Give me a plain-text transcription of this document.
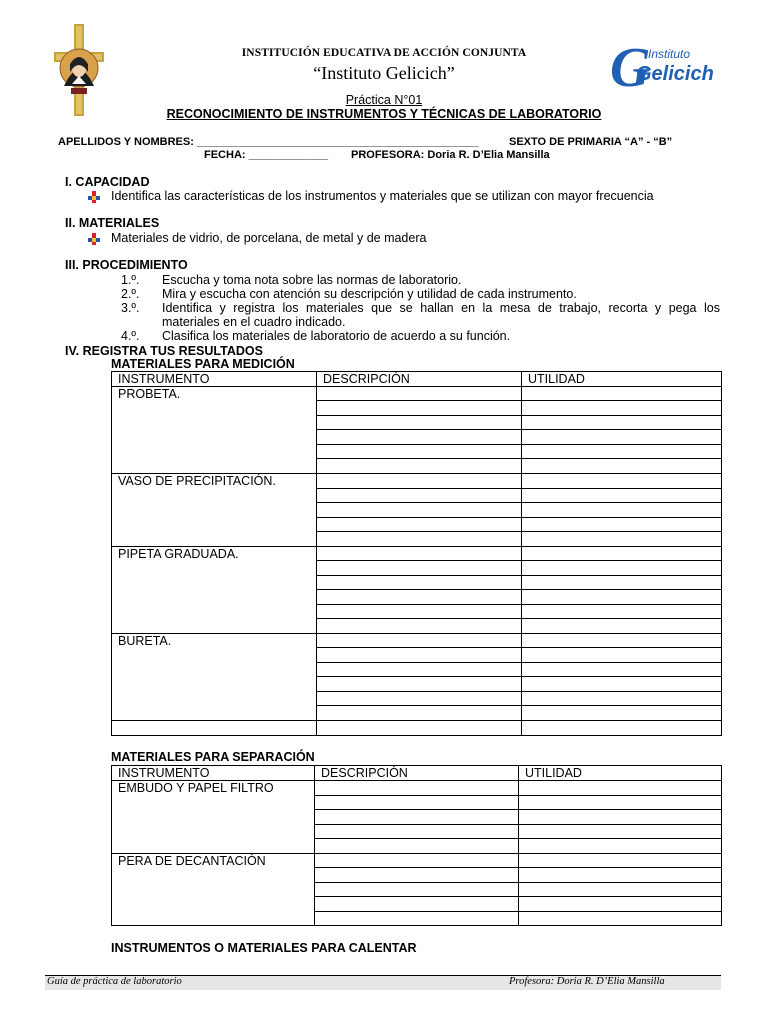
INSTITUCIÓN EDUCATIVA DE ACCIÓN CONJUNTA
“Instituto Gelicich”
Práctica N°01
RECONOCIMIENTO DE INSTRUMENTOS Y TÉCNICAS DE LABORATORIO
G
Instituto
Gelicich
APELLIDOS Y NOMBRES: ______________________________________________	SEXTO DE PRIMARIA “A” - “B”
FECHA: _____________ PROFESORA: Doria R. D’Elia Mansilla
I. CAPACIDAD
Identifica las características de los instrumentos y materiales que se utilizan con mayor frecuencia
II. MATERIALES
Materiales de vidrio, de porcelana, de metal y de madera
III. PROCEDIMIENTO
1.º. Escucha y toma nota sobre las normas de laboratorio.
2.º. Mira y escucha con atención su descripción y utilidad de cada instrumento.
3.º. Identifica y registra los materiales que se hallan en la mesa de trabajo, recorta y pega los
materiales en el cuadro indicado.
4.º. Clasifica los materiales de laboratorio de acuerdo a su función.
IV. REGISTRA TUS RESULTADOS
MATERIALES PARA MEDICIÓN
INSTRUMENTO	DESCRIPCIÓN	UTILIDAD
PROBETA.		

VASO DE PRECIPITACIÓN.		

PIPETA GRADUADA.		

BURETA.		

MATERIALES PARA SEPARACIÓN
INSTRUMENTO	DESCRIPCIÓN	UTILIDAD
EMBUDO Y PAPEL FILTRO		

PERA DE DECANTACIÓN		

INSTRUMENTOS O MATERIALES PARA CALENTAR
Guía de práctica de laboratorio	Profesora: Doria R. D’Elia Mansilla
